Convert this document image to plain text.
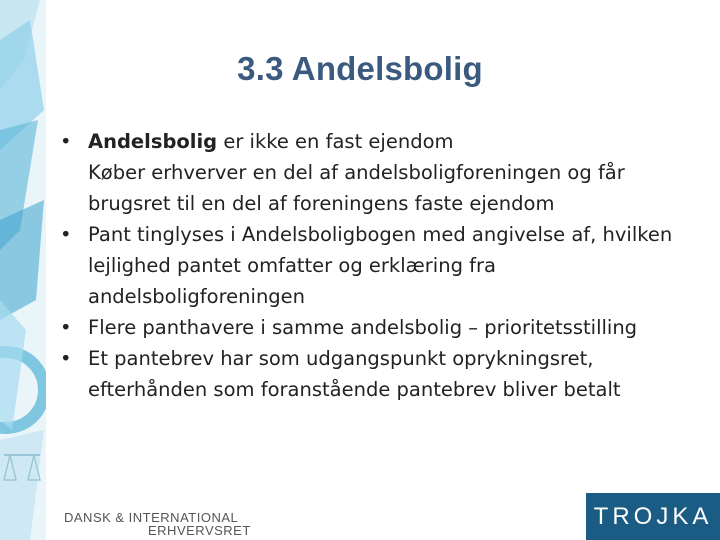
3.3 Andelsbolig
• Andelsbolig er ikke en fast ejendom
Køber erhverver en del af andelsboligforeningen og får brugsret til en del af foreningens faste ejendom
• Pant tinglyses i Andelsboligbogen med angivelse af, hvilken lejlighed pantet omfatter og erklæring fra andelsboligforeningen
• Flere panthavere i samme andelsbolig – prioritetsstilling
• Et pantebrev har som udgangspunkt oprykningsret, efterhånden som foranstående pantebrev bliver betalt
DANSK & INTERNATIONAL
ERHVERVSRET
TROJKA
